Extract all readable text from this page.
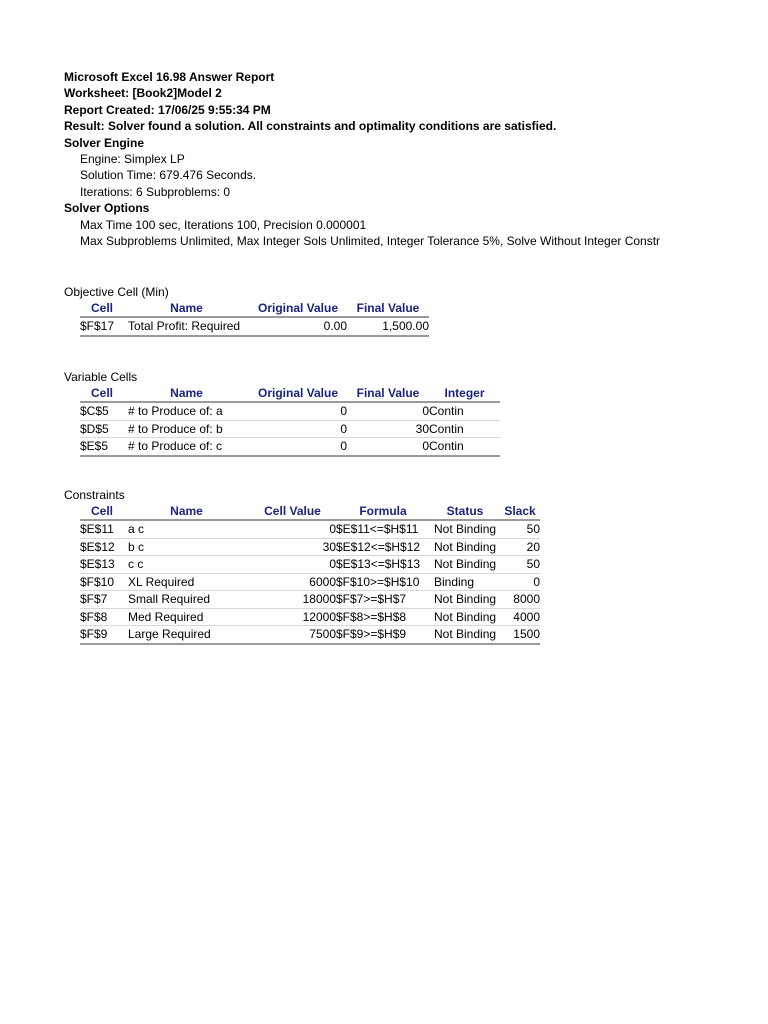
Microsoft Excel 16.98 Answer Report
Worksheet: [Book2]Model 2
Report Created: 17/06/25 9:55:34 PM
Result: Solver found a solution. All constraints and optimality conditions are satisfied.
Solver Engine
Engine: Simplex LP
Solution Time: 679.476 Seconds.
Iterations: 6 Subproblems: 0
Solver Options
Max Time 100 sec, Iterations 100, Precision 0.000001
Max Subproblems Unlimited, Max Integer Sols Unlimited, Integer Tolerance 5%, Solve Without Integer Constr
Objective Cell (Min)
Cell	Name	Original Value	Final Value
$F$17	Total Profit: Required	0.00	1,500.00
Variable Cells
Cell	Name	Original Value	Final Value	Integer
$C$5	# to Produce of: a	0	0	Contin
$D$5	# to Produce of: b	0	30	Contin
$E$5	# to Produce of: c	0	0	Contin
Constraints
Cell	Name	Cell Value	Formula	Status	Slack
$E$11	a c	0	$E$11<=$H$11	Not Binding	50
$E$12	b c	30	$E$12<=$H$12	Not Binding	20
$E$13	c c	0	$E$13<=$H$13	Not Binding	50
$F$10	XL Required	6000	$F$10>=$H$10	Binding	0
$F$7	Small Required	18000	$F$7>=$H$7	Not Binding	8000
$F$8	Med Required	12000	$F$8>=$H$8	Not Binding	4000
$F$9	Large Required	7500	$F$9>=$H$9	Not Binding	1500
